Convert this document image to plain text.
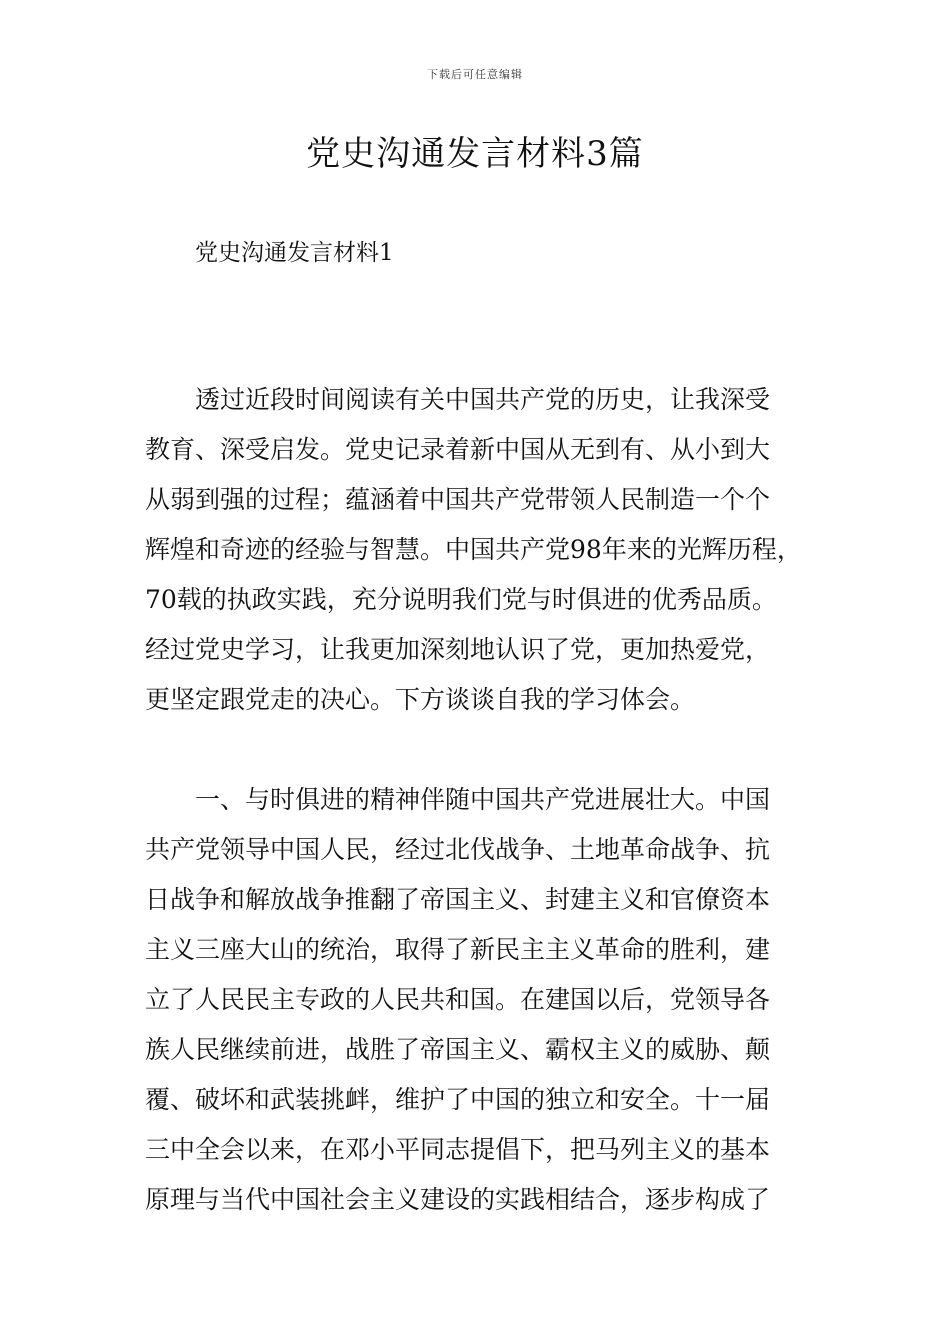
下载后可任意编辑
党史沟通发言材料3篇
党史沟通发言材料1
　　透过近段时间阅读有关中国共产党的历史，让我深受
教育、深受启发。党史记录着新中国从无到有、从小到大
从弱到强的过程；蕴涵着中国共产党带领人民制造一个个
辉煌和奇迹的经验与智慧。中国共产党98年来的光辉历程，
70载的执政实践，充分说明我们党与时俱进的优秀品质。
经过党史学习，让我更加深刻地认识了党，更加热爱党，
更坚定跟党走的决心。下方谈谈自我的学习体会。
　　一、与时俱进的精神伴随中国共产党进展壮大。中国
共产党领导中国人民，经过北伐战争、土地革命战争、抗
日战争和解放战争推翻了帝国主义、封建主义和官僚资本
主义三座大山的统治，取得了新民主主义革命的胜利，建
立了人民民主专政的人民共和国。在建国以后，党领导各
族人民继续前进，战胜了帝国主义、霸权主义的威胁、颠
覆、破坏和武装挑衅，维护了中国的独立和安全。十一届
三中全会以来，在邓小平同志提倡下，把马列主义的基本
原理与当代中国社会主义建设的实践相结合，逐步构成了
